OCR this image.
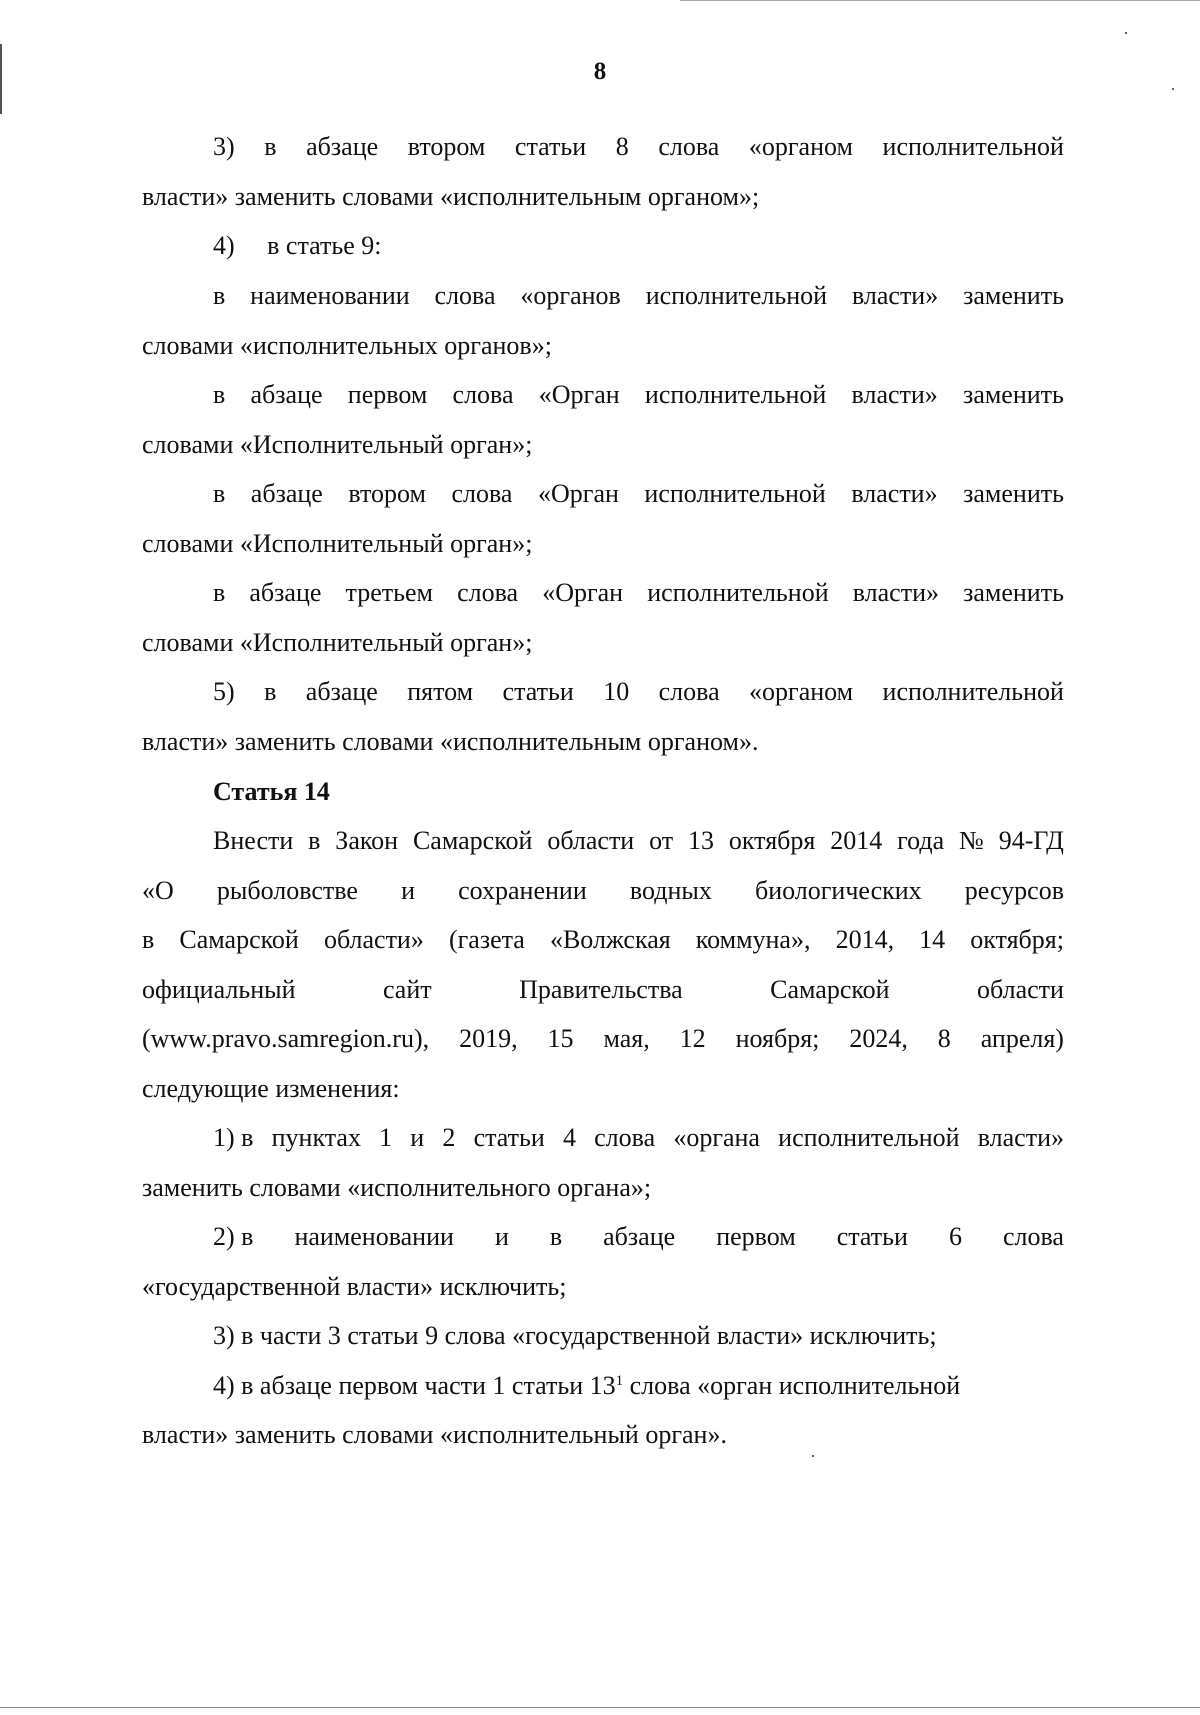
8
3) в абзаце втором статьи 8 слова «органом исполнительной
власти» заменить словами «исполнительным органом»;
4)     в статье 9:
в наименовании слова «органов исполнительной власти» заменить
словами «исполнительных органов»;
в абзаце первом слова «Орган исполнительной власти» заменить
словами «Исполнительный орган»;
в абзаце втором слова «Орган исполнительной власти» заменить
словами «Исполнительный орган»;
в абзаце третьем слова «Орган исполнительной власти» заменить
словами «Исполнительный орган»;
5) в абзаце пятом статьи 10 слова «органом исполнительной
власти» заменить словами «исполнительным органом».
Статья 14
Внести в Закон Самарской области от 13 октября 2014 года № 94-ГД
«О рыболовстве и сохранении водных биологических ресурсов
в Самарской области» (газета «Волжская коммуна», 2014, 14 октября;
официальный	сайт	Правительства	Самарской	области
(www.pravo.samregion.ru), 2019, 15 мая, 12 ноября; 2024, 8 апреля)
следующие изменения:
1) в пунктах 1 и 2 статьи 4 слова «органа исполнительной власти»
заменить словами «исполнительного органа»;
2) в наименовании и в абзаце первом статьи 6 слова
«государственной власти» исключить;
3) в части 3 статьи 9 слова «государственной власти» исключить;
4) в абзаце первом части 1 статьи $13^1$ слова «орган исполнительной
власти» заменить словами «исполнительный орган».
